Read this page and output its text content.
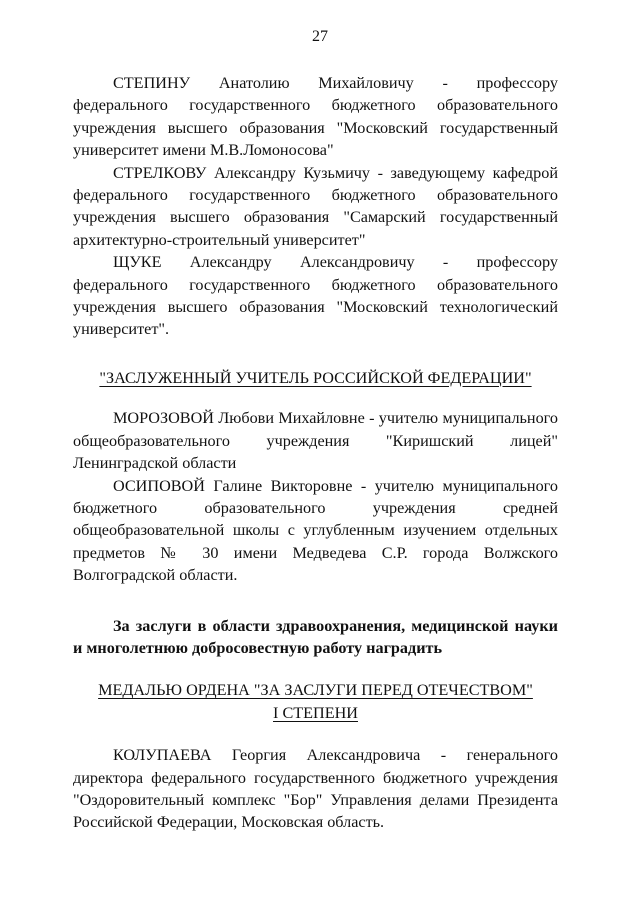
27

СТЕПИНУ Анатолию Михайловичу - профессору федерального государственного бюджетного образовательного учреждения высшего образования "Московский государственный университет имени М.В.Ломоносова"

СТРЕЛКОВУ Александру Кузьмичу - заведующему кафедрой федерального государственного бюджетного образовательного учреждения высшего образования "Самарский государственный архитектурно-строительный университет"

ЩУКЕ Александру Александровичу - профессору федерального государственного бюджетного образовательного учреждения высшего образования "Московский технологический университет".

"ЗАСЛУЖЕННЫЙ УЧИТЕЛЬ РОССИЙСКОЙ ФЕДЕРАЦИИ"

МОРОЗОВОЙ Любови Михайловне - учителю муниципального общеобразовательного учреждения "Киришский лицей" Ленинградской области

ОСИПОВОЙ Галине Викторовне - учителю муниципального бюджетного образовательного учреждения средней общеобразовательной школы с углубленным изучением отдельных предметов № 30 имени Медведева С.Р. города Волжского Волгоградской области.

За заслуги в области здравоохранения, медицинской науки и многолетнюю добросовестную работу наградить

МЕДАЛЬЮ ОРДЕНА "ЗА ЗАСЛУГИ ПЕРЕД ОТЕЧЕСТВОМ"

I СТЕПЕНИ

КОЛУПАЕВА Георгия Александровича - генерального директора федерального государственного бюджетного учреждения "Оздоровительный комплекс "Бор" Управления делами Президента Российской Федерации, Московская область.
